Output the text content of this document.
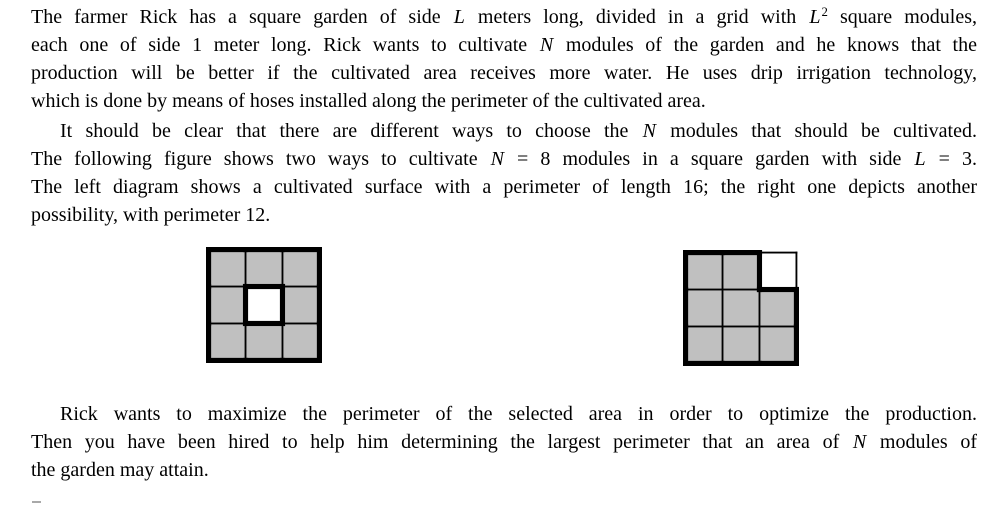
The farmer Rick has a square garden of side L meters long, divided in a grid with $L^2$ square modules,
each one of side 1 meter long. Rick wants to cultivate N modules of the garden and he knows that the
production will be better if the cultivated area receives more water. He uses drip irrigation technology,
which is done by means of hoses installed along the perimeter of the cultivated area.
It should be clear that there are different ways to choose the N modules that should be cultivated.
The following figure shows two ways to cultivate N = 8 modules in a square garden with side L = 3.
The left diagram shows a cultivated surface with a perimeter of length 16; the right one depicts another
possibility, with perimeter 12.
Rick wants to maximize the perimeter of the selected area in order to optimize the production.
Then you have been hired to help him determining the largest perimeter that an area of N modules of
the garden may attain.
